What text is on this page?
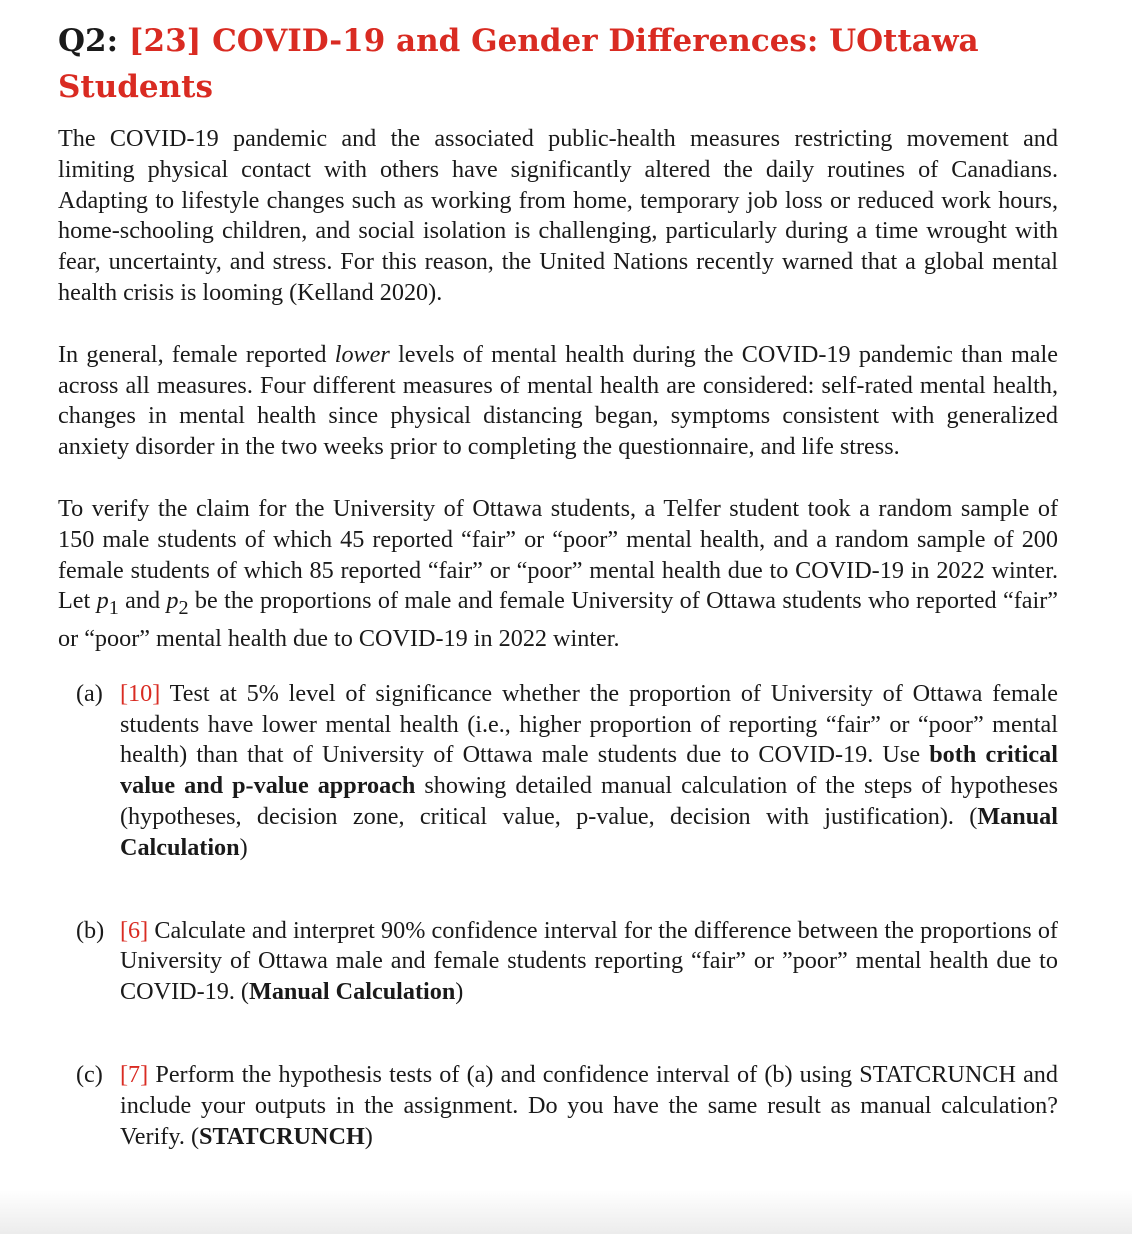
Q2: [23] COVID-19 and Gender Differences: UOttawa
Students

The COVID-19 pandemic and the associated public-health measures restricting movement and limiting physical contact with others have significantly altered the daily routines of Canadians. Adapting to lifestyle changes such as working from home, temporary job loss or reduced work hours, home-schooling children, and social isolation is challenging, particularly during a time wrought with fear, uncertainty, and stress. For this reason, the United Nations recently warned that a global mental health crisis is looming (Kelland 2020).

In general, female reported lower levels of mental health during the COVID-19 pandemic than male across all measures. Four different measures of mental health are considered: self-rated mental health, changes in mental health since physical distancing began, symptoms consistent with generalized anxiety disorder in the two weeks prior to completing the questionnaire, and life stress.

To verify the claim for the University of Ottawa students, a Telfer student took a random sample of 150 male students of which 45 reported “fair” or “poor” mental health, and a random sample of 200 female students of which 85 reported “fair” or “poor” mental health due to COVID-19 in 2022 winter. Let $p_1$ and $p_2$ be the proportions of male and female University of Ottawa students who reported “fair” or “poor” mental health due to COVID-19 in 2022 winter.

(a) [10] Test at 5% level of significance whether the proportion of University of Ottawa female students have lower mental health (i.e., higher proportion of reporting “fair” or “poor” mental health) than that of University of Ottawa male students due to COVID-19. Use both critical value and p-value approach showing detailed manual calculation of the steps of hypotheses (hypotheses, decision zone, critical value, p-value, decision with justification). (Manual Calculation)
(b) [6] Calculate and interpret 90% confidence interval for the difference between the proportions of University of Ottawa male and female students reporting “fair” or ”poor” mental health due to COVID-19. (Manual Calculation)
(c) [7] Perform the hypothesis tests of (a) and confidence interval of (b) using STATCRUNCH and include your outputs in the assignment. Do you have the same result as manual calculation? Verify. (STATCRUNCH)
